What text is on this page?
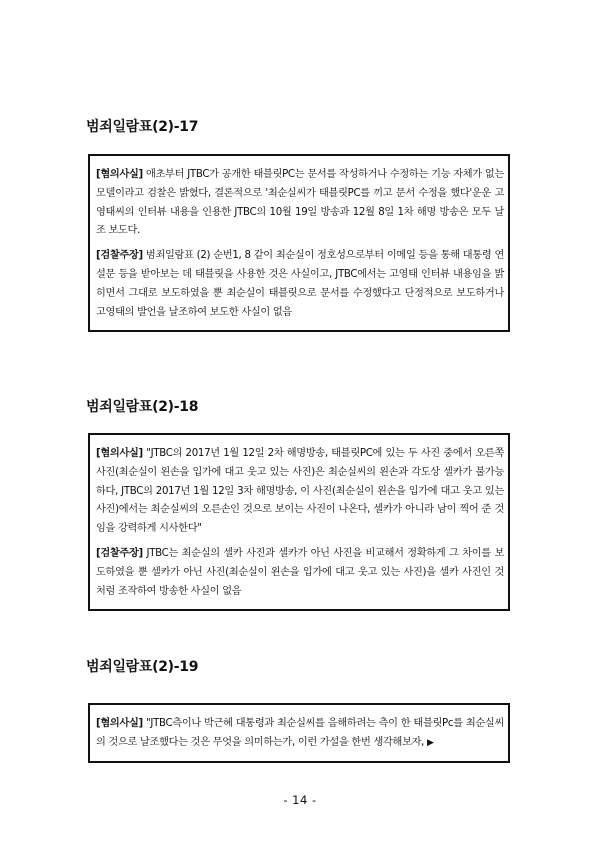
범죄일람표(2)-17

[혐의사실] 애초부터 JTBC가 공개한 태블릿PC는 문서를 작성하거나 수정하는 기능 자체가 없는 모델이라고 검찰은 밝혔다, 결론적으로 '최순실씨가 태블릿PC를 끼고 문서 수정을 했다'운운 고영태씨의 인터뷰 내용을 인용한 JTBC의 10월 19일 방송과 12월 8일 1차 해명 방송은 모두 날조 보도다.

[검찰주장] 범죄일람표 (2) 순번1, 8 같이 최순실이 정호성으로부터 이메일 등을 통해 대통령 연설문 등을 받아보는 데 태블릿을 사용한 것은 사실이고, JTBC에서는 고영태 인터뷰 내용임을 밝히면서 그대로 보도하였을 뿐 최순실이 태블릿으로 문서를 수정했다고 단정적으로 보도하거나 고영태의 발언을 날조하여 보도한 사실이 없음

범죄일람표(2)-18

[혐의사실] "JTBC의 2017년 1월 12일 2차 해명방송, 태블릿PC에 있는 두 사진 중에서 오른쪽 사진(최순실이 왼손을 입가에 대고 웃고 있는 사진)은 최순실씨의 왼손과 각도상 셀카가 불가능하다, JTBC의 2017년 1월 12일 3차 해명방송, 이 사진(최순실이 왼손을 입가에 대고 웃고 있는 사진)에서는 최순실씨의 오른손인 것으로 보이는 사진이 나온다, 셀카가 아니라 남이 찍어 준 것임을 강력하게 시사한다"

[검찰주장] JTBC는 최순실의 셀카 사진과 셀카가 아닌 사진을 비교해서 정확하게 그 차이를 보도하였을 뿐 셀카가 아닌 사진(최순실이 왼손을 입가에 대고 웃고 있는 사진)을 셀카 사진인 것처럼 조작하여 방송한 사실이 없음

범죄일람표(2)-19

[혐의사실] "JTBC측이나 박근혜 대통령과 최순실씨를 음해하려는 측이 한 태블릿Pc를 최순실씨의 것으로 날조했다는 것은 무엇을 의미하는가, 이런 가설을 한번 생각해보자, ▶

- 14 -
